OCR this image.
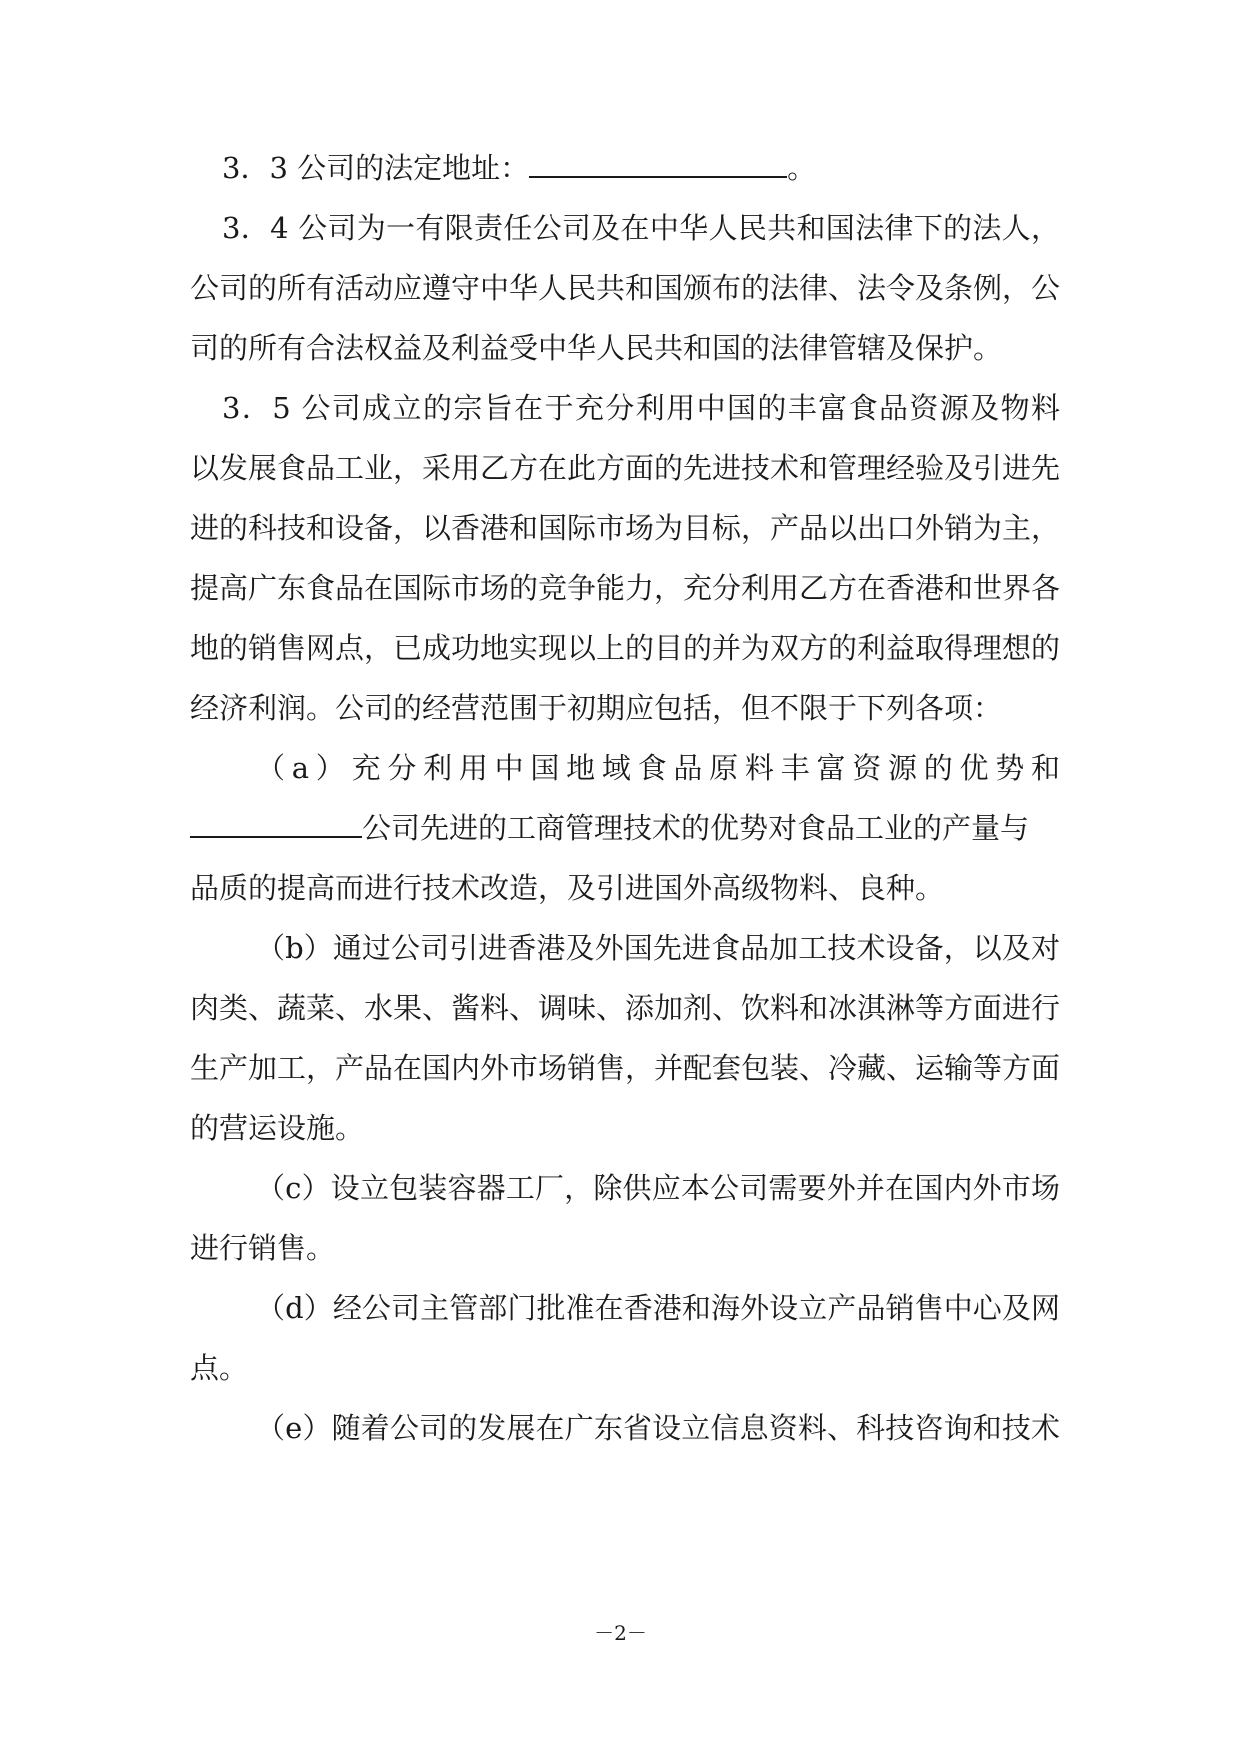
3．3 公司的法定地址：	。
3．4 公司为一有限责任公司及在中华人民共和国法律下的法人，
公司的所有活动应遵守中华人民共和国颁布的法律、法令及条例，公
司的所有合法权益及利益受中华人民共和国的法律管辖及保护。
3．5 公司成立的宗旨在于充分利用中国的丰富食品资源及物料
以发展食品工业，采用乙方在此方面的先进技术和管理经验及引进先
进的科技和设备，以香港和国际市场为目标，产品以出口外销为主，
提高广东食品在国际市场的竞争能力，充分利用乙方在香港和世界各
地的销售网点，已成功地实现以上的目的并为双方的利益取得理想的
经济利润。公司的经营范围于初期应包括，但不限于下列各项：
（a）充分利用中国地域食品原料丰富资源的优势和
公司先进的工商管理技术的优势对食品工业的产量与
品质的提高而进行技术改造，及引进国外高级物料、良种。
（b）通过公司引进香港及外国先进食品加工技术设备，以及对
肉类、蔬菜、水果、酱料、调味、添加剂、饮料和冰淇淋等方面进行
生产加工，产品在国内外市场销售，并配套包装、冷藏、运输等方面
的营运设施。
（c）设立包装容器工厂，除供应本公司需要外并在国内外市场
进行销售。
（d）经公司主管部门批准在香港和海外设立产品销售中心及网
点。
（e）随着公司的发展在广东省设立信息资料、科技咨询和技术
－2－
